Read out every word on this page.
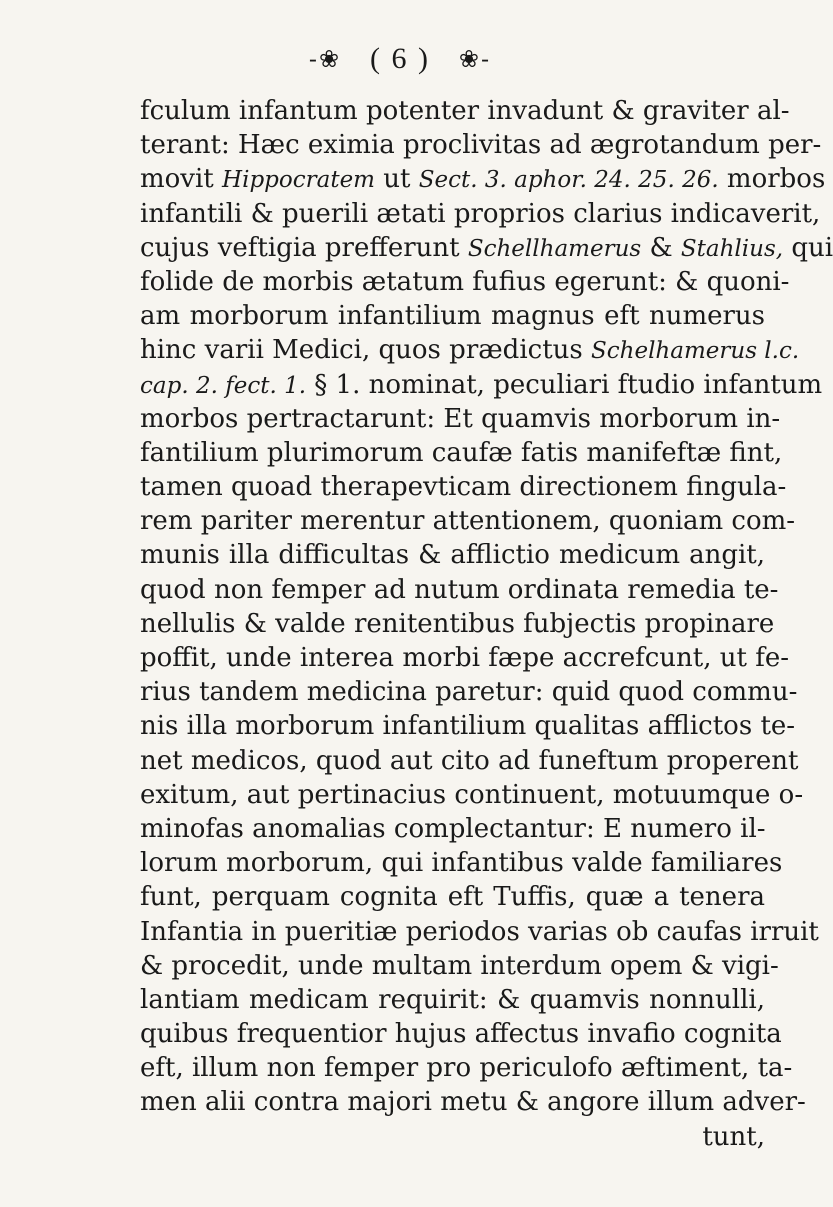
-❀ ( 6 ) ❀-
fculum infantum potenter invadunt & graviter al-
terant: Hæc eximia proclivitas ad ægrotandum per-
movit Hippocratem ut Sect. 3. aphor. 24. 25. 26. morbos
infantili & puerili ætati proprios clarius indicaverit,
cujus veftigia prefferunt Schellhamerus & Stahlius, qui
folide de morbis ætatum fufius egerunt: & quoni-
am morborum infantilium magnus eft numerus
hinc varii Medici, quos prædictus Schelhamerus l.c.
cap. 2. fect. 1. § 1. nominat, peculiari ftudio infantum
morbos pertractarunt: Et quamvis morborum in-
fantilium plurimorum caufæ fatis manifeftæ fint,
tamen quoad therapevticam directionem fingula-
rem pariter merentur attentionem, quoniam com-
munis illa difficultas & afflictio medicum angit,
quod non femper ad nutum ordinata remedia te-
nellulis & valde renitentibus fubjectis propinare
poffit, unde interea morbi fæpe accrefcunt, ut fe-
rius tandem medicina paretur: quid quod commu-
nis illa morborum infantilium qualitas afflictos te-
net medicos, quod aut cito ad funeftum properent
exitum, aut pertinacius continuent, motuumque o-
minofas anomalias complectantur: E numero il-
lorum morborum, qui infantibus valde familiares
funt, perquam cognita eft Tuffis, quæ a tenera
Infantia in pueritiæ periodos varias ob caufas irruit
& procedit, unde multam interdum opem & vigi-
lantiam medicam requirit: & quamvis nonnulli,
quibus frequentior hujus affectus invafio cognita
eft, illum non femper pro periculofo æftiment, ta-
men alii contra majori metu & angore illum adver-
tunt,
